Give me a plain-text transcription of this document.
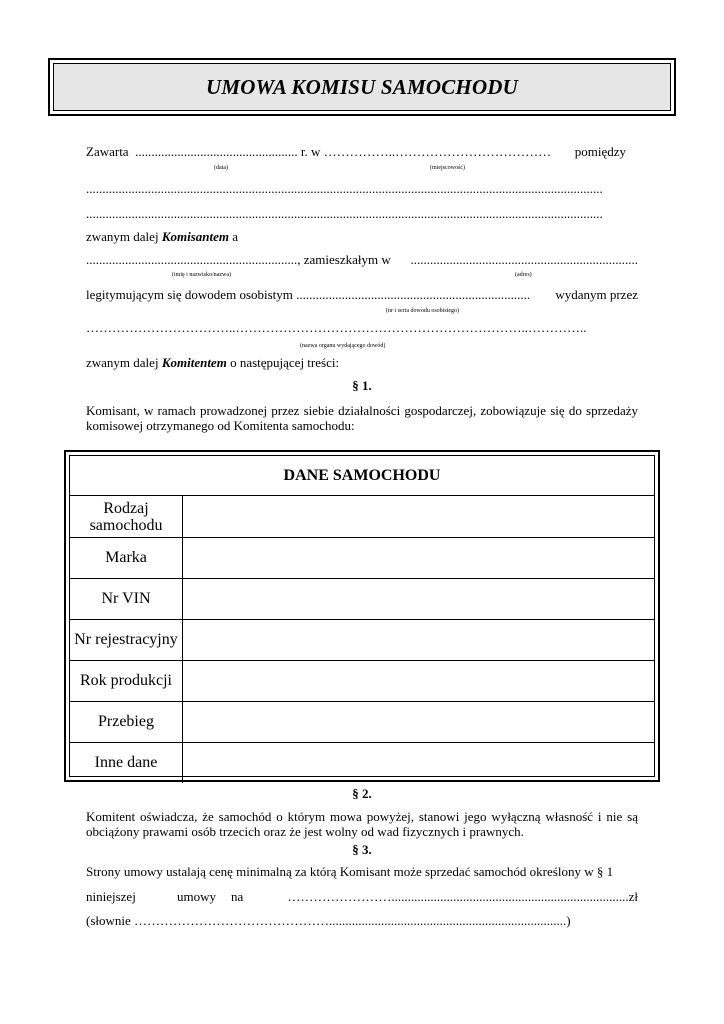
UMOWA KOMISU SAMOCHODU
Zawarta .................................................. r. w ……………..……………………………… pomiędzy
(data)	(miejscowość)
...............................................................................................................................................................
...............................................................................................................................................................
zwanym dalej Komisantem a
................................................................., zamieszkałym w ......................................................................
(imię i nazwisko/nazwa)	(adres)
legitymującym się dowodem osobistym ........................................................................ wydanym przez
(nr i seria dowodu osobistego)
……………………………..…………………………………………………………..…………..
(nazwa organu wydającego dowód)
zwanym dalej Komitentem o następującej treści:
§ 1.
Komisant, w ramach prowadzonej przez siebie działalności gospodarczej, zobowiązuje się do sprzedaży komisowej otrzymanego od Komitenta samochodu:
DANE SAMOCHODU
Rodzaj samochodu
Marka
Nr VIN
Nr rejestracyjny
Rok produkcji
Przebieg
Inne dane
§ 2.
Komitent oświadcza, że samochód o którym mowa powyżej, stanowi jego wyłączną własność i nie są obciążony prawami osób trzecich oraz że jest wolny od wad fizycznych i prawnych.
§ 3.
Strony umowy ustalają cenę minimalną za którą Komisant może sprzedać samochód określony w § 1
niniejszej	umowy na	…………………….........................................................................zł
(słownie ……………………………………….........................................................................)
